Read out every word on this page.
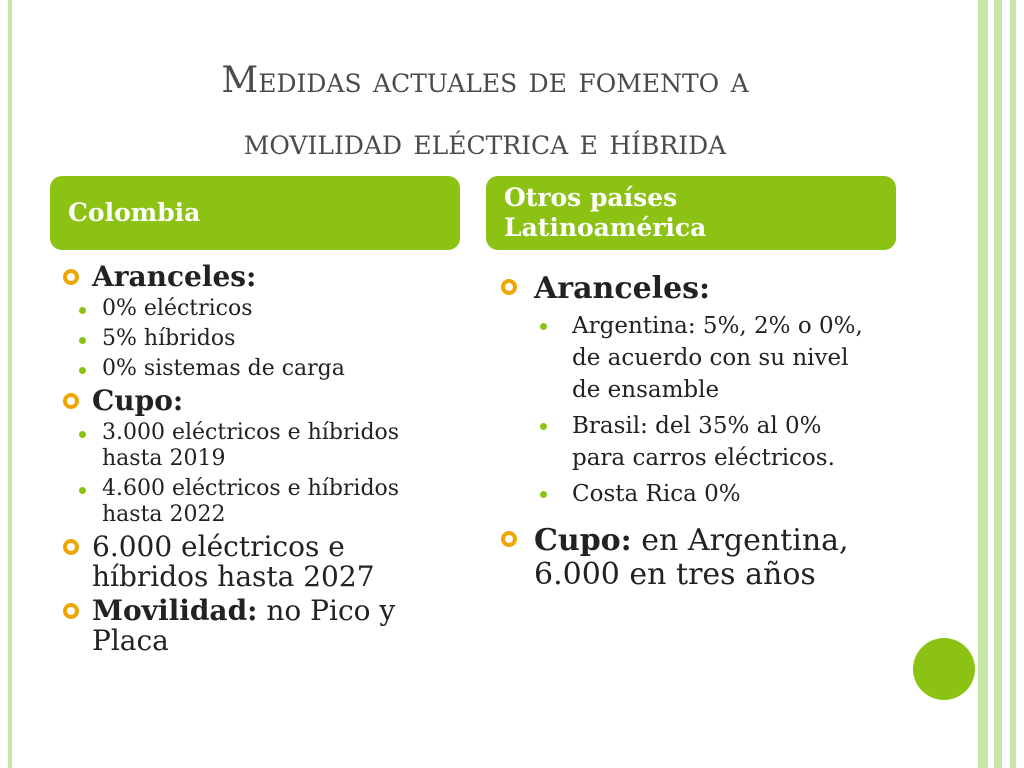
Medidas actuales de fomento a
movilidad eléctrica e híbrida
Colombia
Otros países
Latinoamérica
Aranceles:
0% eléctricos
5% híbridos
0% sistemas de carga
Cupo:
3.000 eléctricos e híbridos hasta 2019
4.600 eléctricos e híbridos hasta 2022
6.000 eléctricos e híbridos hasta 2027
Movilidad: no Pico y Placa
Aranceles:
Argentina: 5%, 2% o 0%, de acuerdo con su nivel de ensamble
Brasil: del 35% al 0% para carros eléctricos.
Costa Rica 0%
Cupo: en Argentina, 6.000 en tres años
